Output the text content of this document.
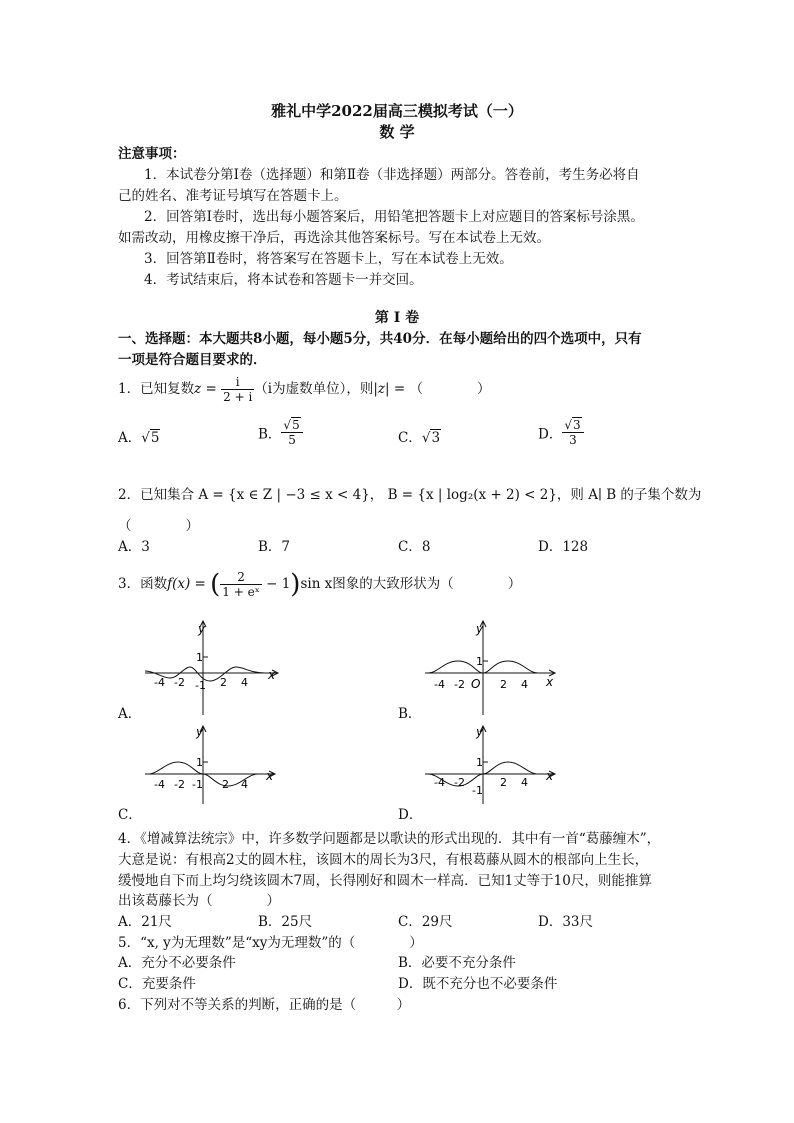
雅礼中学2022届高三模拟考试（一）
数 学
注意事项：
1．本试卷分第Ⅰ卷（选择题）和第Ⅱ卷（非选择题）两部分。答卷前，考生务必将自
己的姓名、准考证号填写在答题卡上。
2．回答第Ⅰ卷时，选出每小题答案后，用铅笔把答题卡上对应题目的答案标号涂黑。
如需改动，用橡皮擦干净后，再选涂其他答案标号。写在本试卷上无效。
3．回答第Ⅱ卷时，将答案写在答题卡上，写在本试卷上无效。
4．考试结束后，将本试卷和答题卡一并交回。
第 Ⅰ 卷
一、选择题：本大题共8小题，每小题5分，共40分．在每小题给出的四个选项中，只有
一项是符合题目要求的．
1．已知复数$z = \frac{i}{2 + i} (i$为虚数单位），则|z| = （　　　　）
A．√5	B． $\frac{√5}{5}$	C．√3	D． $\frac{√3}{3}$
2．已知集合 A = {x ∈ Z | −3 ≤ x < 4}， B = {x | log₂(x + 2) < 2}，则 A∣ B 的子集个数为
（　　　　）
A．3	B．7	C．8	D．128
3．函数f(x) = ( $\frac{2}{\text{1 + eˣ}} - 1)\sin$ x图象的大致形状为（　　　　）
y
x
1
-1
-4 -2	2 4
A．
y
x
1
O
-4 -2	2 4
B．
y
x
1
-1
-4 -2	2 4
C．
y
x
1
-1
-4 -2	2 4
D．
4．《增减算法统宗》中，许多数学问题都是以歌诀的形式出现的．其中有一首“葛藤缠木”，
大意是说：有根高2丈的圆木柱，该圆木的周长为3尺，有根葛藤从圆木的根部向上生长，
缓慢地自下而上均匀绕该圆木7周，长得刚好和圆木一样高．已知1丈等于10尺，则能推算
出该葛藤长为（　　　　）
A．21尺	B．25尺	C．29尺	D．33尺
5．“x, y为无理数”是“xy为无理数”的（　　　　）
A．充分不必要条件	B．必要不充分条件
C．充要条件	D．既不充分也不必要条件
6．下列对不等关系的判断，正确的是（　　　）
